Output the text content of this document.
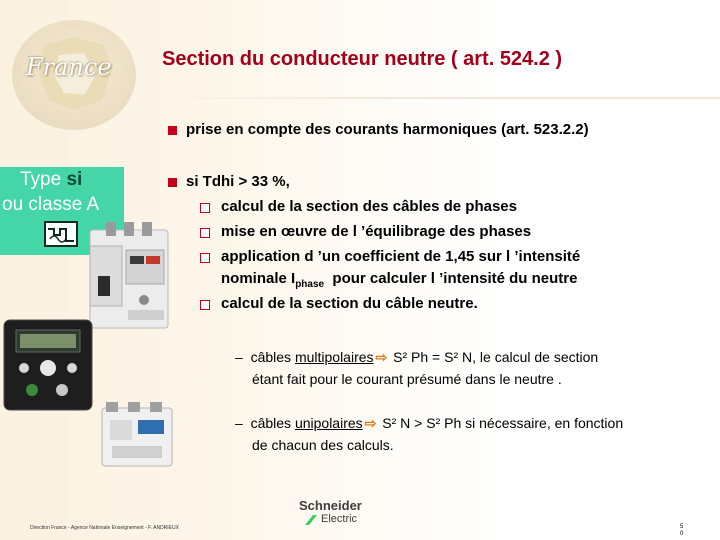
France	Section du conducteur neutre ( art. 524.2 )
prise en compte des courants harmoniques (art. 523.2.2)
si Tdhi > 33 %,
calcul de la section des câbles de phases
mise en œuvre de l ’équilibrage des phases
application d ’un coefficient de 1,45 sur l ’intensité
nominale $I_{phase}$  pour calculer l ’intensité du neutre
calcul de la section du câble neutre.
– câbles multipolaires ⇨ S² Ph = S² N, le calcul de section
étant fait pour le courant présumé dans le neutre .
– câbles unipolaires ⇨ S² N > S² Ph si nécessaire, en fonction
de chacun des calculs.
Type si
ou classe A
Direction France - Agence Nationale Enseignement - F. ANDRIEUX
Schneider
Electric
5
0
